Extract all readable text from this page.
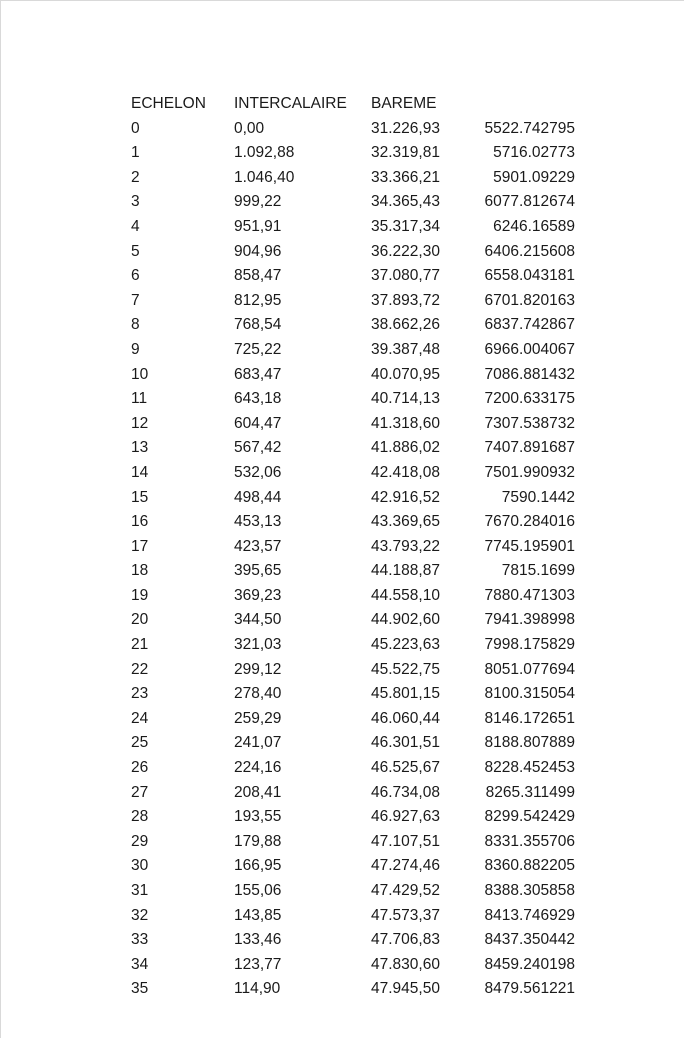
ECHELON	INTERCALAIRE	BAREME	
0	0,00	31.226,93	5522.742795
1	1.092,88	32.319,81	5716.02773
2	1.046,40	33.366,21	5901.09229
3	999,22	34.365,43	6077.812674
4	951,91	35.317,34	6246.16589
5	904,96	36.222,30	6406.215608
6	858,47	37.080,77	6558.043181
7	812,95	37.893,72	6701.820163
8	768,54	38.662,26	6837.742867
9	725,22	39.387,48	6966.004067
10	683,47	40.070,95	7086.881432
11	643,18	40.714,13	7200.633175
12	604,47	41.318,60	7307.538732
13	567,42	41.886,02	7407.891687
14	532,06	42.418,08	7501.990932
15	498,44	42.916,52	7590.1442
16	453,13	43.369,65	7670.284016
17	423,57	43.793,22	7745.195901
18	395,65	44.188,87	7815.1699
19	369,23	44.558,10	7880.471303
20	344,50	44.902,60	7941.398998
21	321,03	45.223,63	7998.175829
22	299,12	45.522,75	8051.077694
23	278,40	45.801,15	8100.315054
24	259,29	46.060,44	8146.172651
25	241,07	46.301,51	8188.807889
26	224,16	46.525,67	8228.452453
27	208,41	46.734,08	8265.311499
28	193,55	46.927,63	8299.542429
29	179,88	47.107,51	8331.355706
30	166,95	47.274,46	8360.882205
31	155,06	47.429,52	8388.305858
32	143,85	47.573,37	8413.746929
33	133,46	47.706,83	8437.350442
34	123,77	47.830,60	8459.240198
35	114,90	47.945,50	8479.561221
